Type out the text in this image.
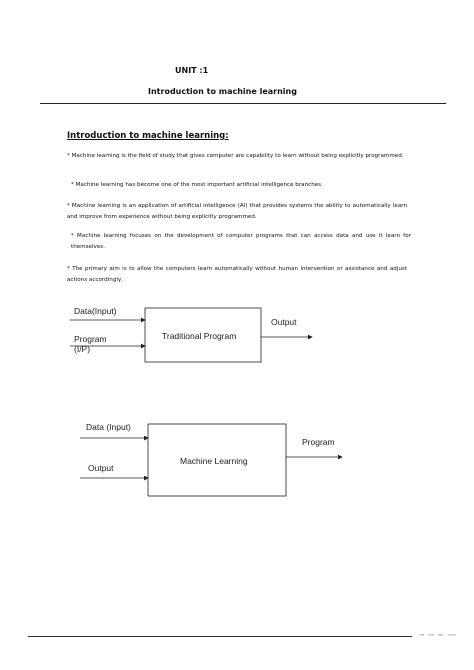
UNIT :1
Introduction to machine learning
Introduction to machine learning:
* Machine learning is the field of study that gives computer are capability to learn without being explicitly programmed.
* Machine learning has become one of the most important artificial intelligence branches.
* Machine learning is an application of artificial intelligence (AI) that provides systems the ability to automatically learn and improve from experience without being explicitly programmed.
* Machine learning focuses on the development of computer programs that can access data and use it learn for themselves.
* The primary aim is to allow the computers learn automatically without human intervention or assistance and adjust actions accordingly.
Data(Input)
Program
(I/P)
Traditional Program
Output
Data (Input)
Output
Machine Learning
Program
